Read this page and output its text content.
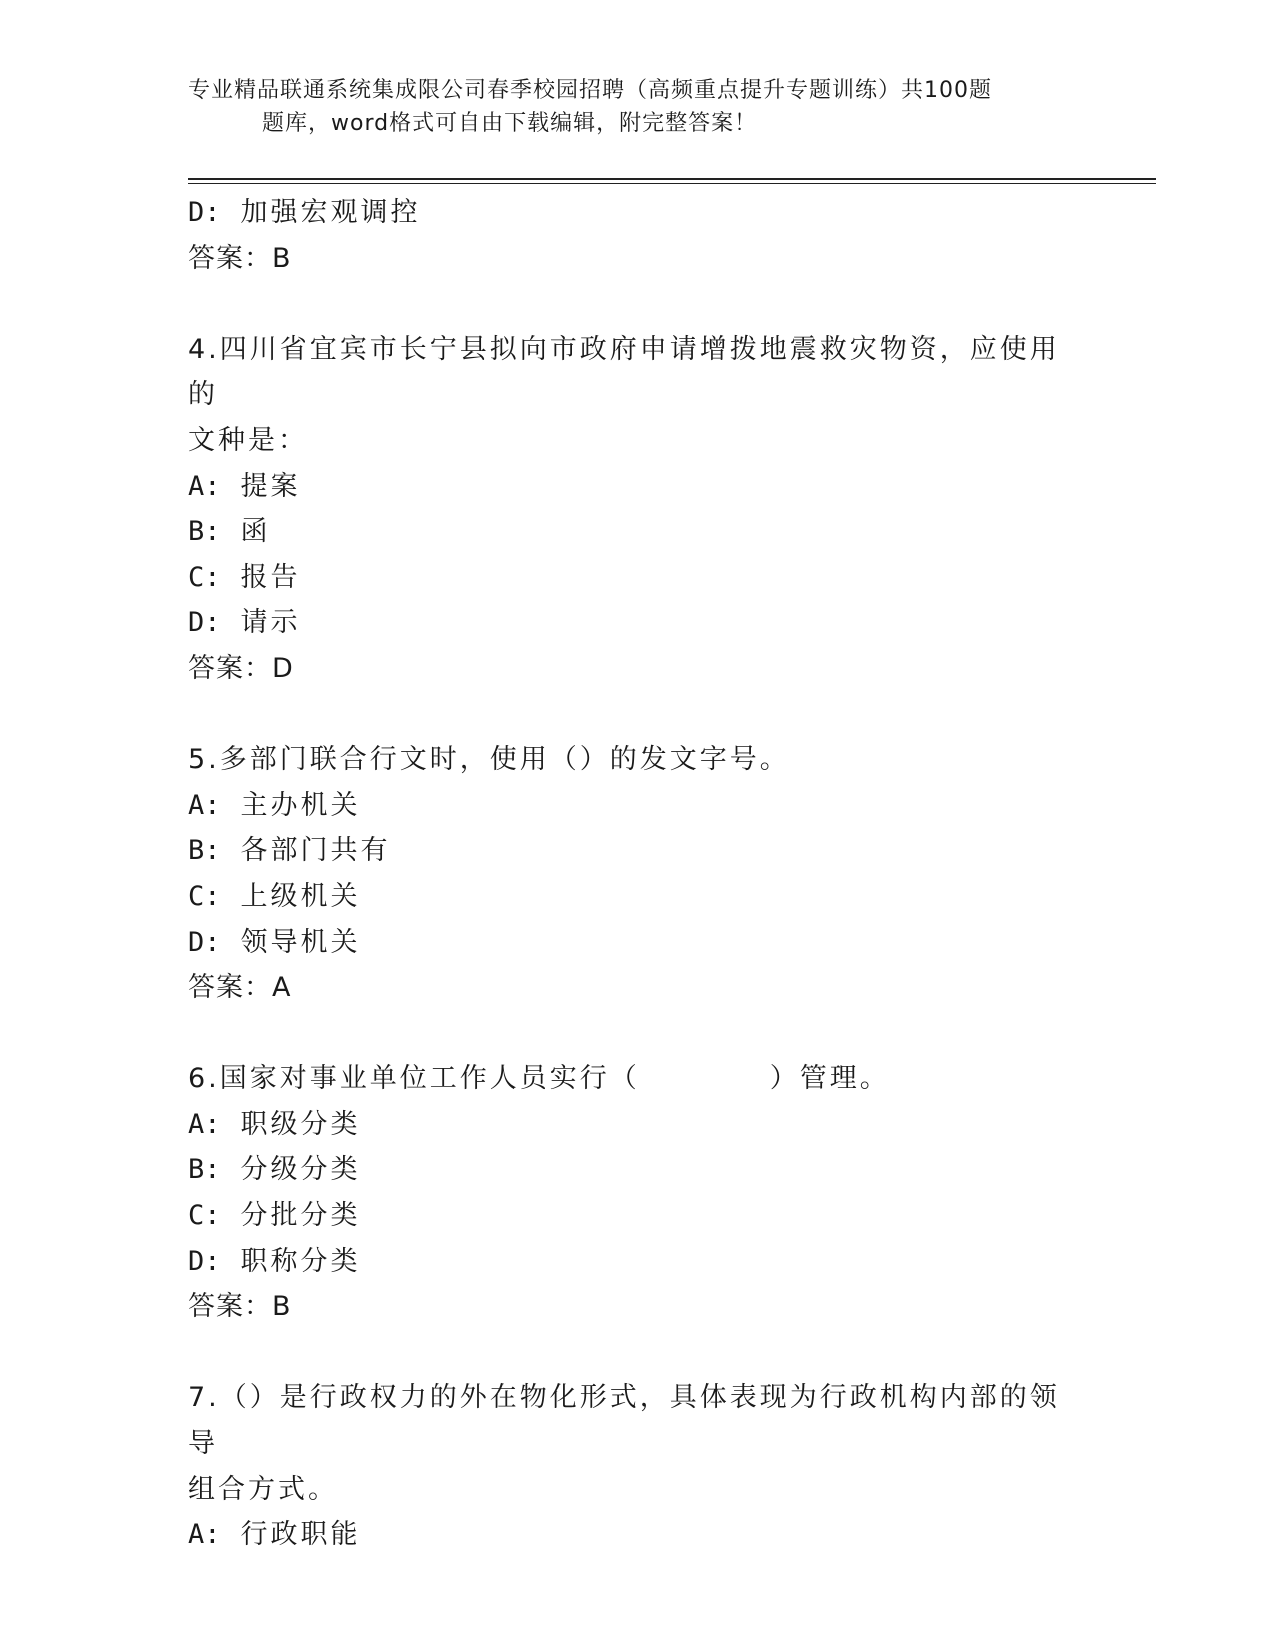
专业精品联通系统集成限公司春季校园招聘（高频重点提升专题训练）共100题
题库，word格式可自由下载编辑，附完整答案！

D: 加强宏观调控

答案：B

4.四川省宜宾市长宁县拟向市政府申请增拨地震救灾物资，应使用的
文种是：

A: 提案

B: 函

C: 报告

D: 请示

答案：D

5.多部门联合行文时，使用（）的发文字号。

A: 主办机关

B: 各部门共有

C: 上级机关

D: 领导机关

答案：A

6.国家对事业单位工作人员实行（	）管理。

A: 职级分类

B: 分级分类

C: 分批分类

D: 职称分类

答案：B

7.（）是行政权力的外在物化形式，具体表现为行政机构内部的领导
组合方式。

A: 行政职能
